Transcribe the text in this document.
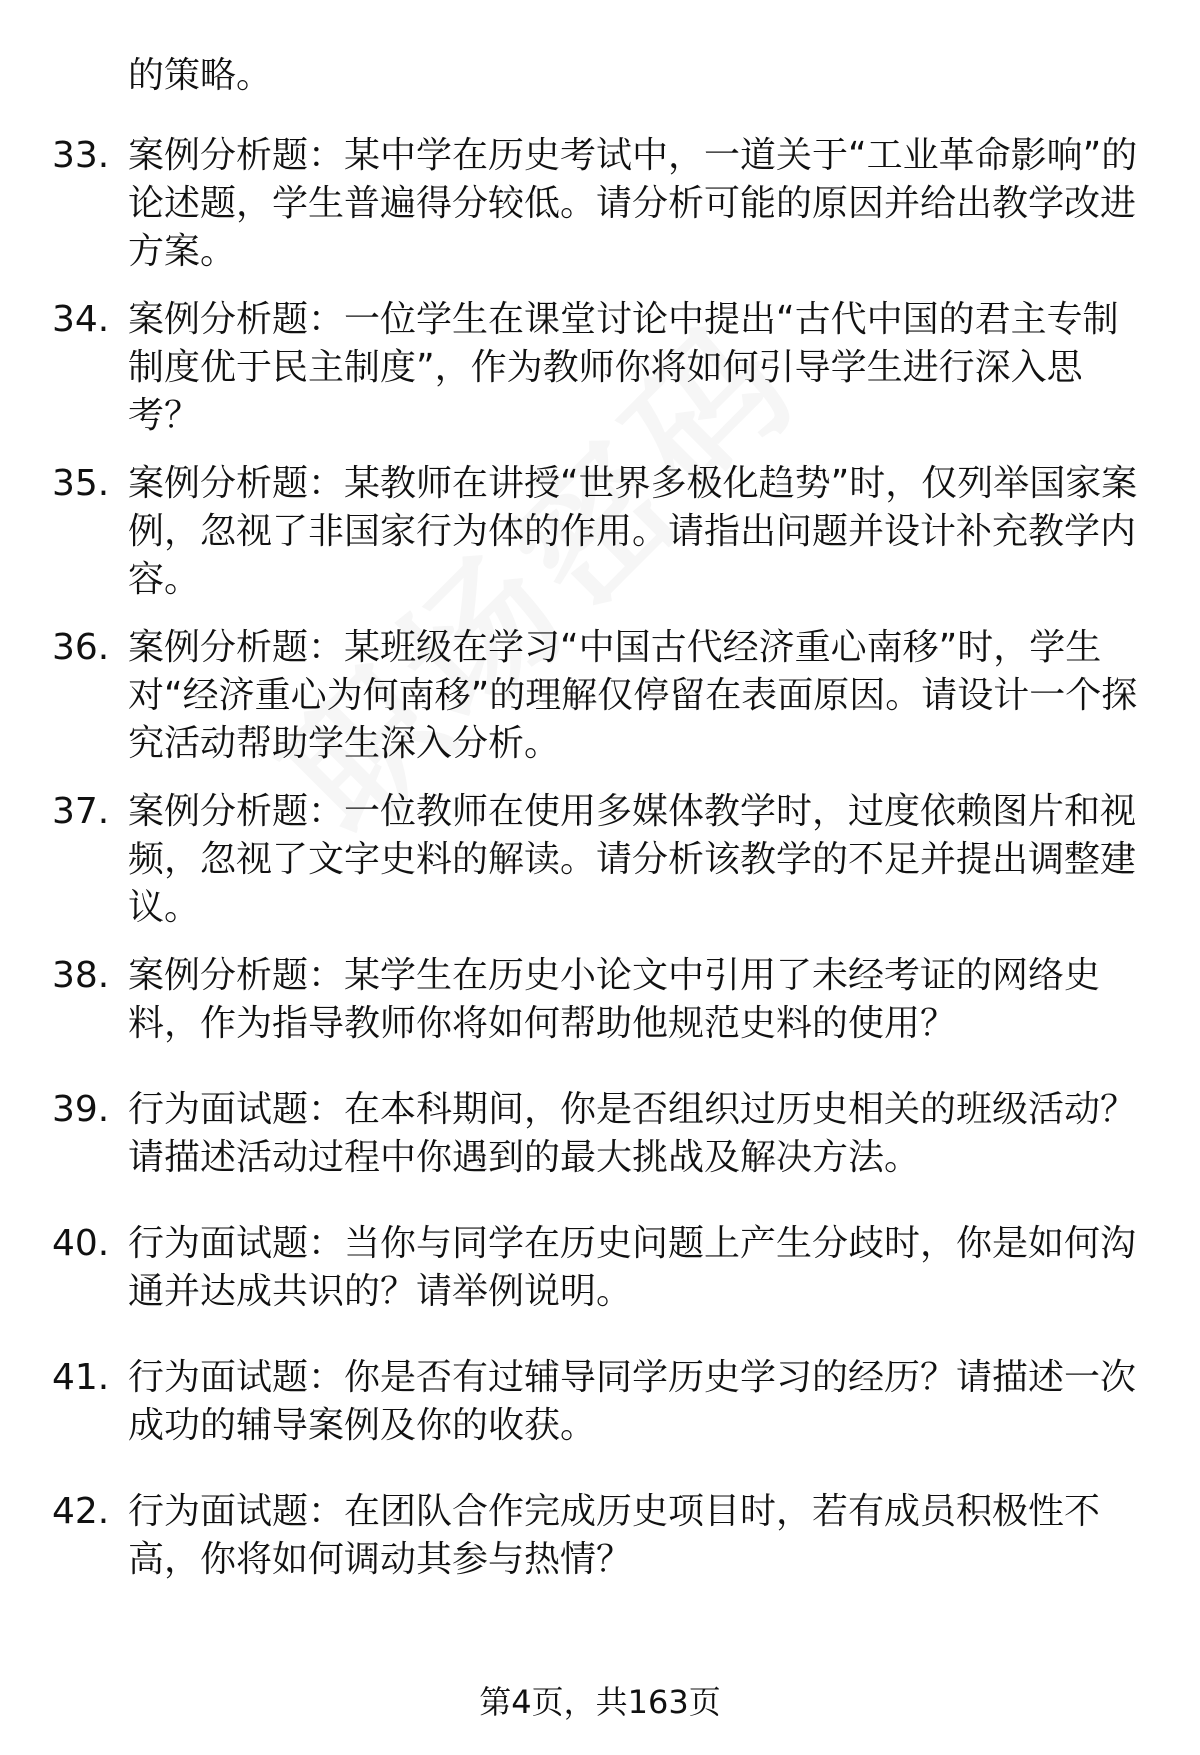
的策略。
33. 案例分析题：某中学在历史考试中，一道关于“工业革命影响”的论述题，学生普遍得分较低。请分析可能的原因并给出教学改进方案。
34. 案例分析题：一位学生在课堂讨论中提出“古代中国的君主专制制度优于民主制度”，作为教师你将如何引导学生进行深入思考？
35. 案例分析题：某教师在讲授“世界多极化趋势”时，仅列举国家案例，忽视了非国家行为体的作用。请指出问题并设计补充教学内容。
36. 案例分析题：某班级在学习“中国古代经济重心南移”时，学生对“经济重心为何南移”的理解仅停留在表面原因。请设计一个探究活动帮助学生深入分析。
37. 案例分析题：一位教师在使用多媒体教学时，过度依赖图片和视频，忽视了文字史料的解读。请分析该教学的不足并提出调整建议。
38. 案例分析题：某学生在历史小论文中引用了未经考证的网络史料，作为指导教师你将如何帮助他规范史料的使用？
39. 行为面试题：在本科期间，你是否组织过历史相关的班级活动？请描述活动过程中你遇到的最大挑战及解决方法。
40. 行为面试题：当你与同学在历史问题上产生分歧时，你是如何沟通并达成共识的？请举例说明。
41. 行为面试题：你是否有过辅导同学历史学习的经历？请描述一次成功的辅导案例及你的收获。
42. 行为面试题：在团队合作完成历史项目时，若有成员积极性不高，你将如何调动其参与热情？
第4页，共163页
